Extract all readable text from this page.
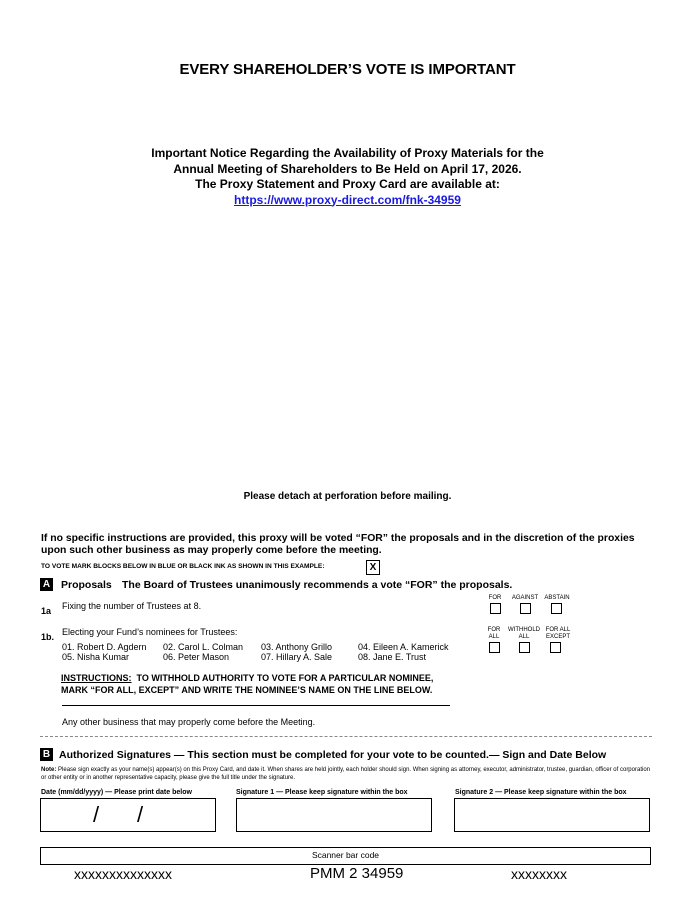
EVERY SHAREHOLDER’S VOTE IS IMPORTANT
Important Notice Regarding the Availability of Proxy Materials for the
Annual Meeting of Shareholders to Be Held on April 17, 2026.
The Proxy Statement and Proxy Card are available at:
https://www.proxy-direct.com/fnk-34959
Please detach at perforation before mailing.
If no specific instructions are provided, this proxy will be voted “FOR” the proposals and in the discretion of the proxies upon such other business as may properly come before the meeting.
TO VOTE MARK BLOCKS BELOW IN BLUE OR BLACK INK AS SHOWN IN THIS EXAMPLE:	X
A Proposals The Board of Trustees unanimously recommends a vote “FOR” the proposals.
FOR	AGAINST	ABSTAIN
1a Fixing the number of Trustees at 8.
FOR ALL
WITHHOLD ALL
FOR ALL EXCEPT
1b. Electing your Fund’s nominees for Trustees:
01. Robert D. Agdern 02. Carol L. Colman 03. Anthony Grillo	04. Eileen A. Kamerick
05. Nisha Kumar	06. Peter Mason	07. Hillary A. Sale	08. Jane E. Trust
INSTRUCTIONS: TO WITHHOLD AUTHORITY TO VOTE FOR A PARTICULAR NOMINEE, MARK “FOR ALL, EXCEPT” AND WRITE THE NOMINEE’S NAME ON THE LINE BELOW.
Any other business that may properly come before the Meeting.
B Authorized Signatures — This section must be completed for your vote to be counted.— Sign and Date Below
Note: Please sign exactly as your name(s) appear(s) on this Proxy Card, and date it. When shares are held jointly, each holder should sign. When signing as attorney, executor, administrator, trustee, guardian, officer of corporation or other entity or in another representative capacity, please give the full title under the signature.
Date (mm/dd/yyyy) — Please print date below	Signature 1 — Please keep signature within the box	Signature 2 — Please keep signature within the box
/ /
Scanner bar code
xxxxxxxxxxxxxx	PMM 2 34959	xxxxxxxx
